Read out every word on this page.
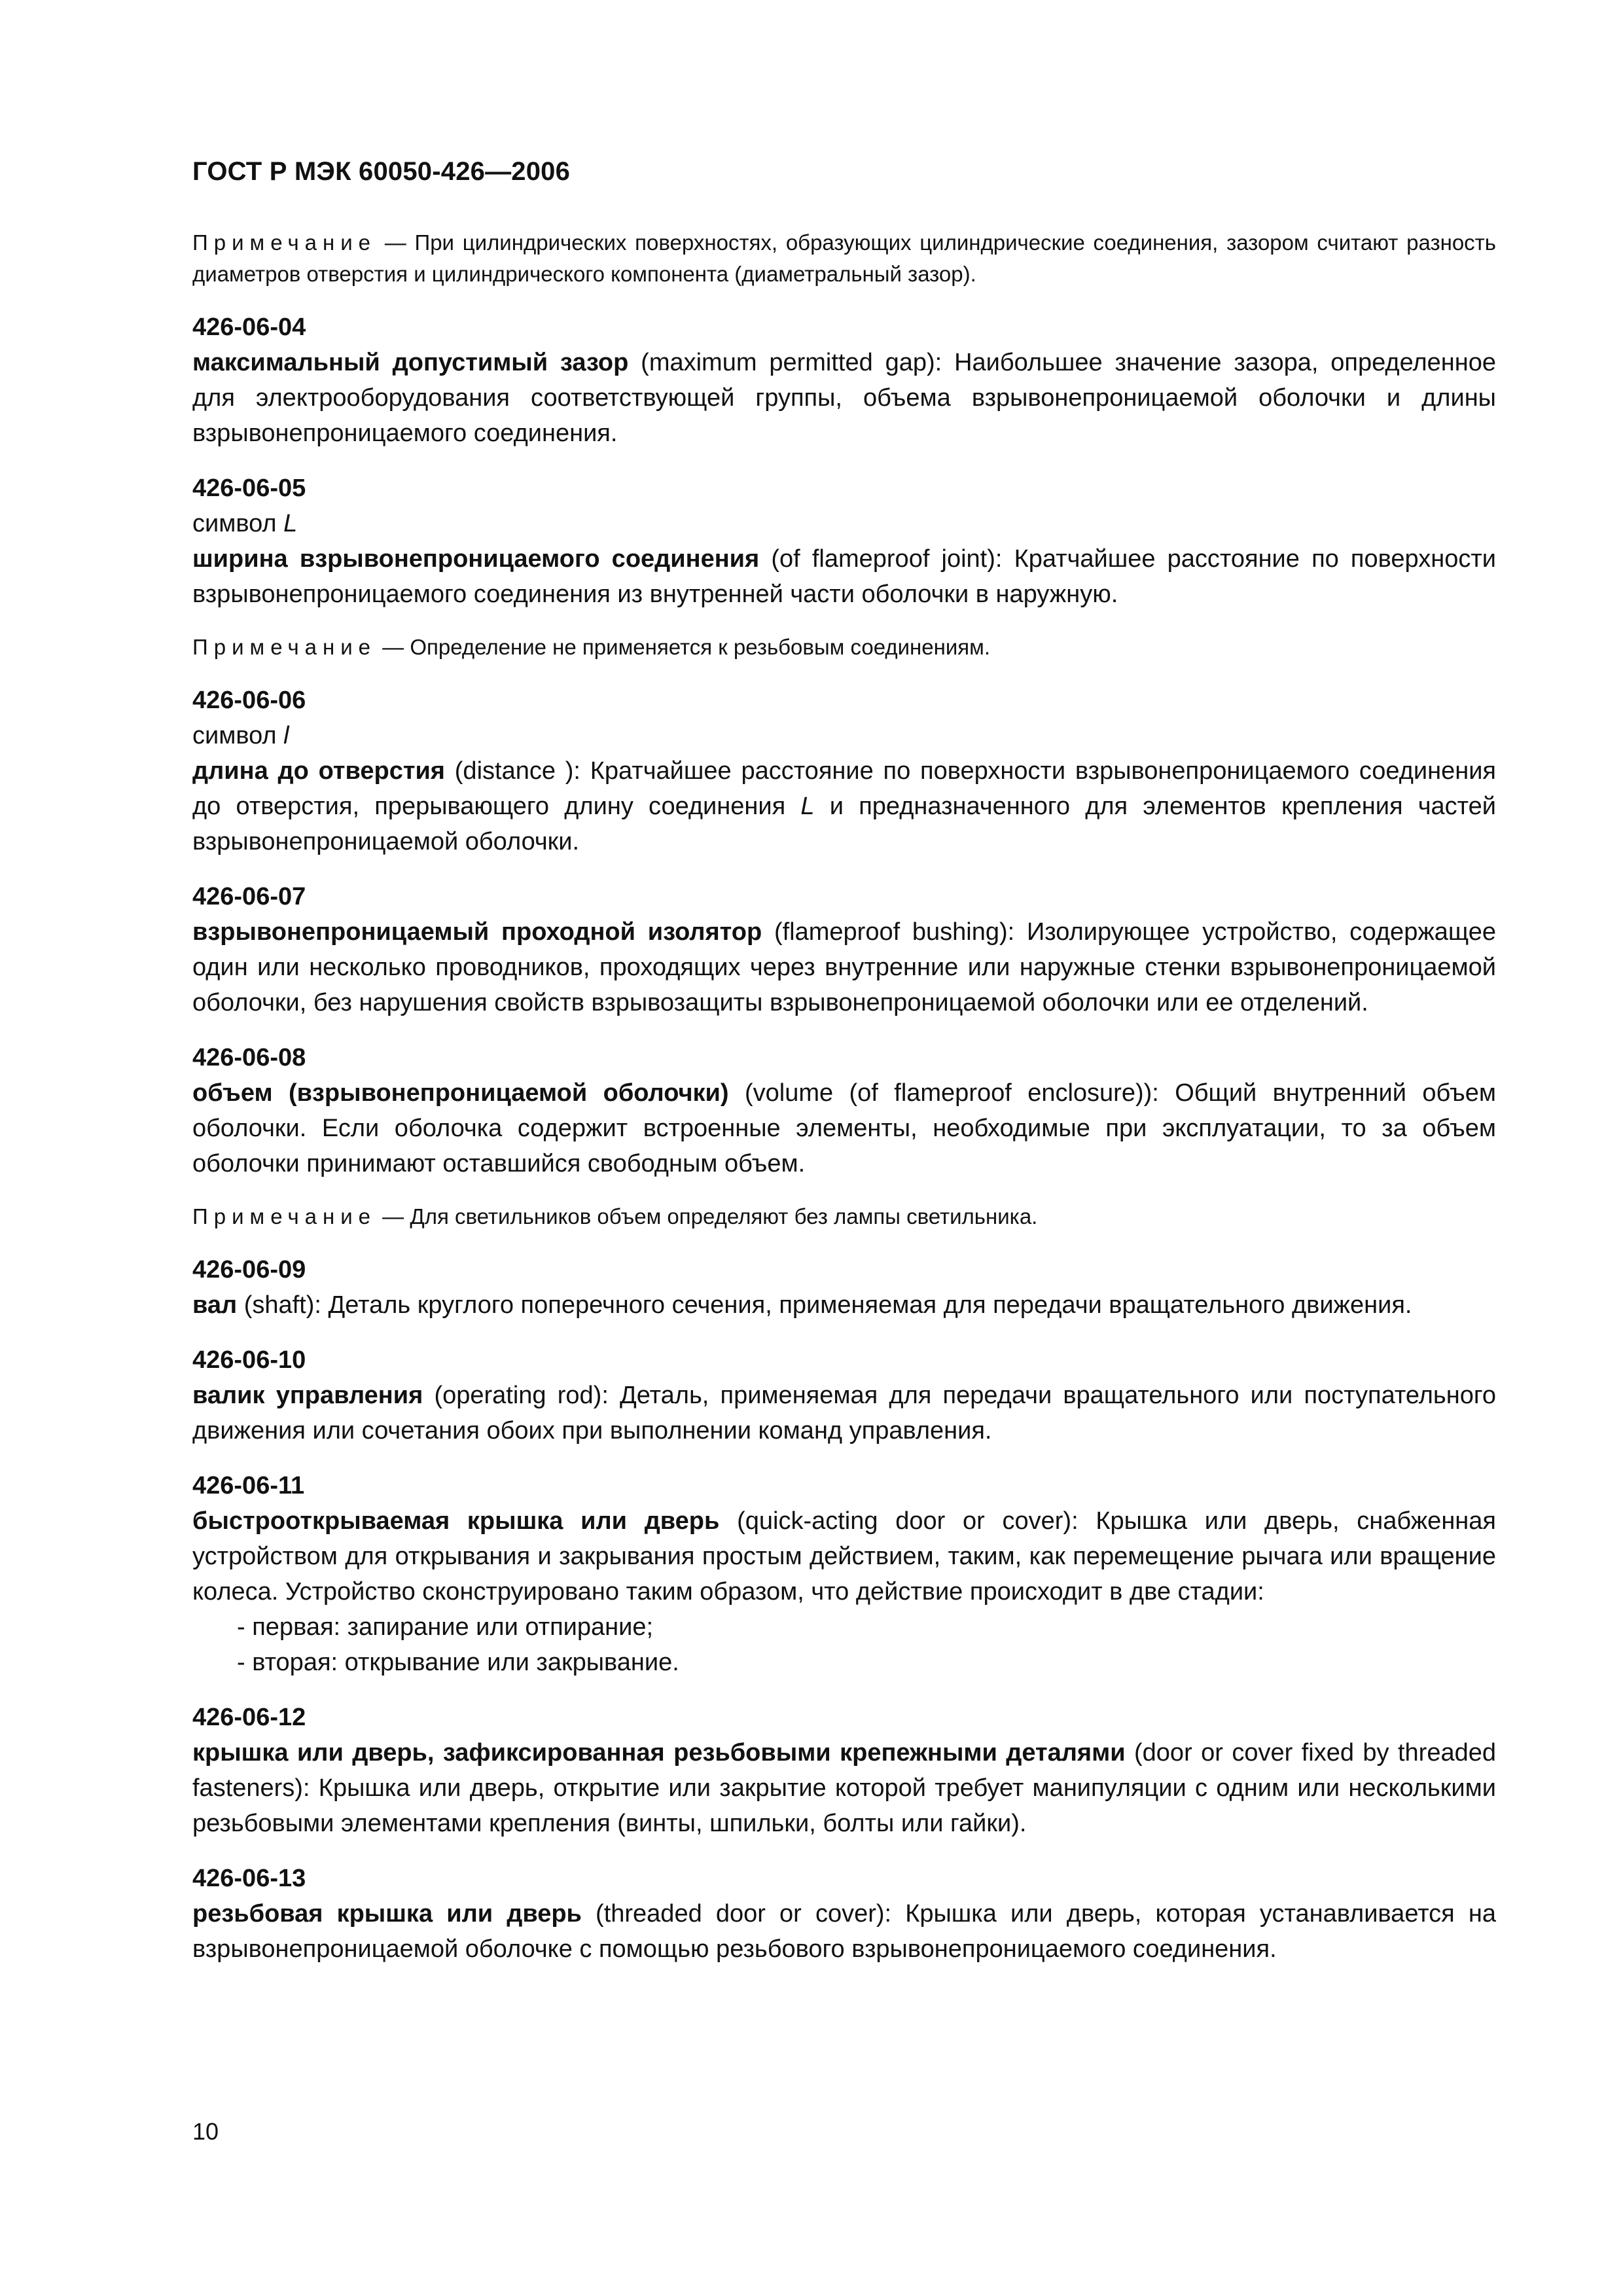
ГОСТ Р МЭК 60050-426—2006

Примечание — При цилиндрических поверхностях, образующих цилиндрические соединения, зазором считают разность диаметров отверстия и цилиндрического компонента (диаметральный зазор).

426-06-04

максимальный допустимый зазор (maximum permitted gap): Наибольшее значение зазора, определенное для электрооборудования соответствующей группы, объема взрывонепроницаемой оболочки и длины взрывонепроницаемого соединения.

426-06-05

символ L

ширина взрывонепроницаемого соединения (of flameproof joint): Кратчайшее расстояние по поверхности взрывонепроницаемого соединения из внутренней части оболочки в наружную.

Примечание — Определение не применяется к резьбовым соединениям.

426-06-06

символ l

длина до отверстия (distance ): Кратчайшее расстояние по поверхности взрывонепроницаемого соединения до отверстия, прерывающего длину соединения L и предназначенного для элементов крепления частей взрывонепроницаемой оболочки.

426-06-07

взрывонепроницаемый проходной изолятор (flameproof bushing): Изолирующее устройство, содержащее один или несколько проводников, проходящих через внутренние или наружные стенки взрывонепроницаемой оболочки, без нарушения свойств взрывозащиты взрывонепроницаемой оболочки или ее отделений.

426-06-08

объем (взрывонепроницаемой оболочки) (volume (of flameproof enclosure)): Общий внутренний объем оболочки. Если оболочка содержит встроенные элементы, необходимые при эксплуатации, то за объем оболочки принимают оставшийся свободным объем.

Примечание — Для светильников объем определяют без лампы светильника.

426-06-09

вал (shaft): Деталь круглого поперечного сечения, применяемая для передачи вращательного движения.

426-06-10

валик управления (operating rod): Деталь, применяемая для передачи вращательного или поступательного движения или сочетания обоих при выполнении команд управления.

426-06-11

быстрооткрываемая крышка или дверь (quick-acting door or cover): Крышка или дверь, снабженная устройством для открывания и закрывания простым действием, таким, как перемещение рычага или вращение колеса. Устройство сконструировано таким образом, что действие происходит в две стадии:

- первая: запирание или отпирание;
- вторая: открывание или закрывание.

426-06-12

крышка или дверь, зафиксированная резьбовыми крепежными деталями (door or cover fixed by threaded fasteners): Крышка или дверь, открытие или закрытие которой требует манипуляции с одним или несколькими резьбовыми элементами крепления (винты, шпильки, болты или гайки).

426-06-13

резьбовая крышка или дверь (threaded door or cover): Крышка или дверь, которая устанавливается на взрывонепроницаемой оболочке с помощью резьбового взрывонепроницаемого соединения.

10
